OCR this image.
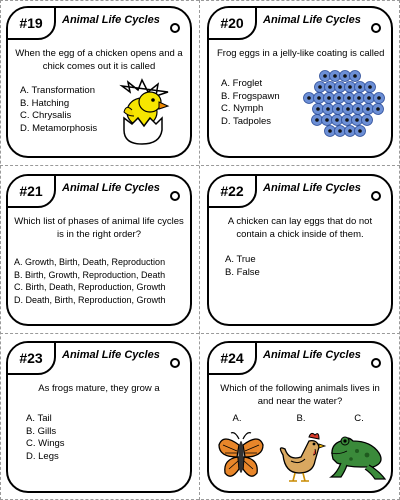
#19	Animal Life Cycles
When the egg of a chicken opens and a chick comes out it is called
A. Transformation
B. Hatching
C. Chrysalis
D. Metamorphosis
#20	Animal Life Cycles
Frog eggs in a jelly-like coating is called
A. Froglet
B. Frogspawn
C. Nymph
D. Tadpoles
#21	Animal Life Cycles
Which list of phases of animal life cycles is in the right order?
A. Growth, Birth, Death, Reproduction
B. Birth, Growth, Reproduction, Death
C. Birth, Death, Reproduction, Growth
D. Death, Birth, Reproduction, Growth
#22	Animal Life Cycles
A chicken can lay eggs that do not contain a chick inside of them.
A. True
B. False
#23	Animal Life Cycles
As frogs mature, they grow a
A. Tail
B. Gills
C. Wings
D. Legs
#24	Animal Life Cycles
Which of the following animals lives in and near the water?
A.	B.	C.
